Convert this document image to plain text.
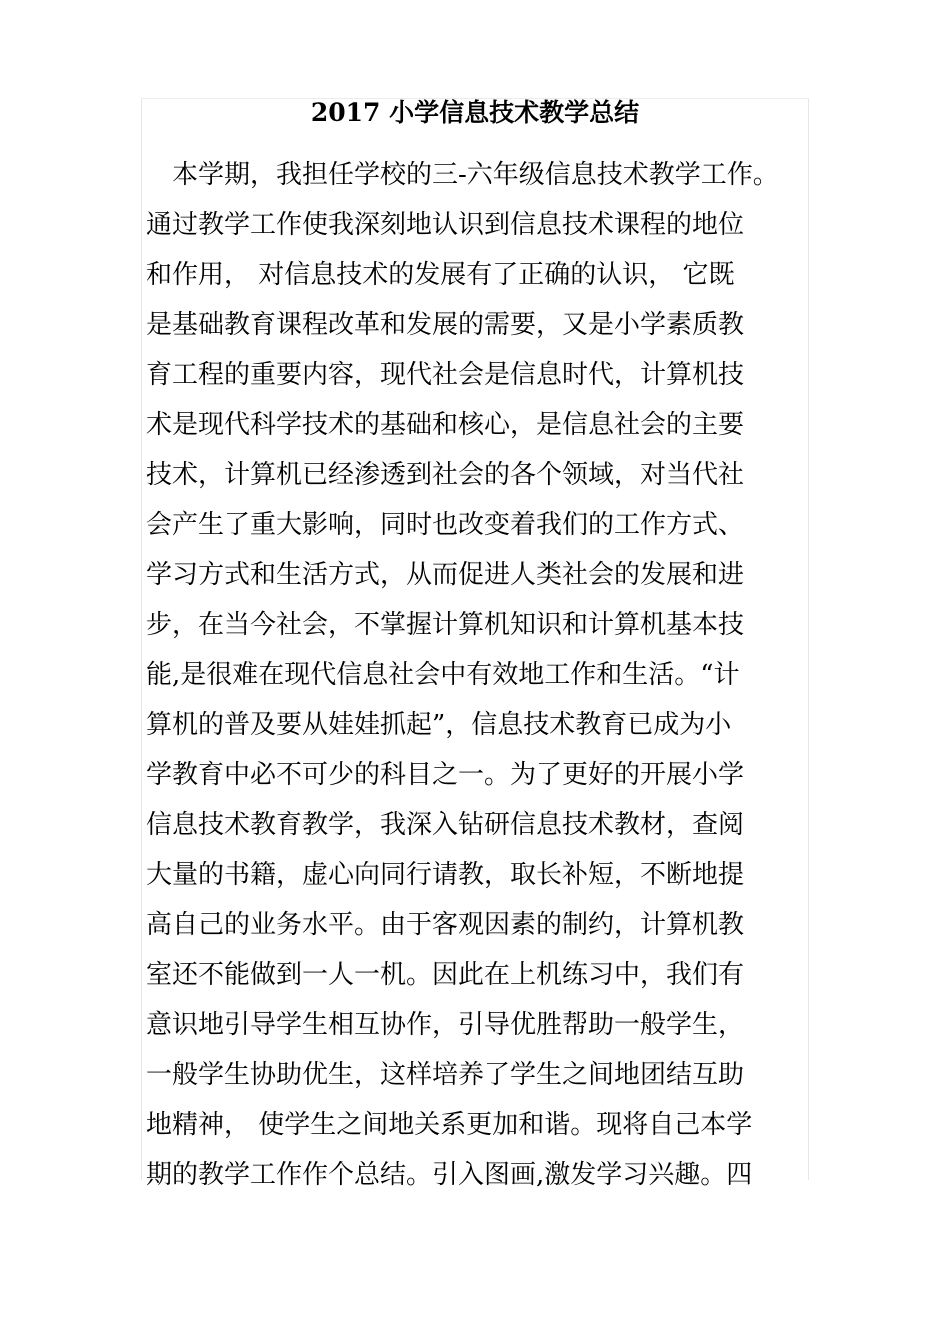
2017 小学信息技术教学总结
　本学期，我担任学校的三-六年级信息技术教学工作。
通过教学工作使我深刻地认识到信息技术课程的地位
和作用， 对信息技术的发展有了正确的认识， 它既
是基础教育课程改革和发展的需要，又是小学素质教
育工程的重要内容，现代社会是信息时代，计算机技
术是现代科学技术的基础和核心，是信息社会的主要
技术，计算机已经渗透到社会的各个领域，对当代社
会产生了重大影响，同时也改变着我们的工作方式、
学习方式和生活方式，从而促进人类社会的发展和进
步，在当今社会，不掌握计算机知识和计算机基本技
能,是很难在现代信息社会中有效地工作和生活。“计
算机的普及要从娃娃抓起”，信息技术教育已成为小
学教育中必不可少的科目之一。为了更好的开展小学
信息技术教育教学，我深入钻研信息技术教材，查阅
大量的书籍，虚心向同行请教，取长补短，不断地提
高自己的业务水平。由于客观因素的制约，计算机教
室还不能做到一人一机。因此在上机练习中，我们有
意识地引导学生相互协作，引导优胜帮助一般学生，
一般学生协助优生，这样培养了学生之间地团结互助
地精神， 使学生之间地关系更加和谐。现将自己本学
期的教学工作作个总结。引入图画,激发学习兴趣。四
